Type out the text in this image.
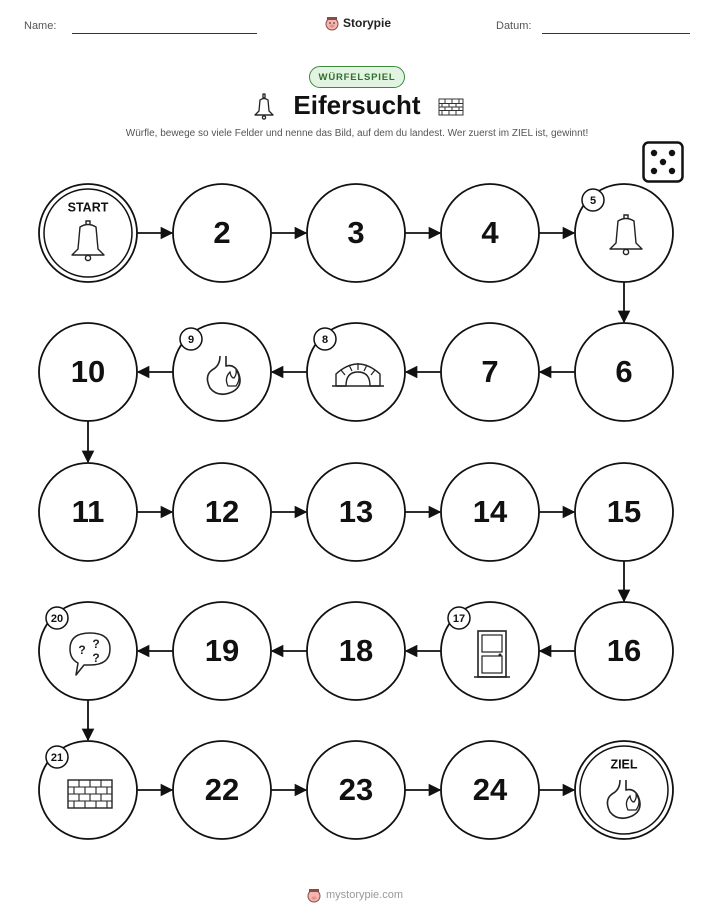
Name:	Storypie	Datum:
WÜRFELSPIEL
Eifersucht
Würfle, bewege so viele Felder und nenne das Bild, auf dem du landest. Wer zuerst im ZIEL ist, gewinnt!
START
2	3	4
5
6
7
8
9
10
11	12	13	14	15
16
17
18
19
? ?
?
20
21
22	23	24
ZIEL
mystorypie.com
